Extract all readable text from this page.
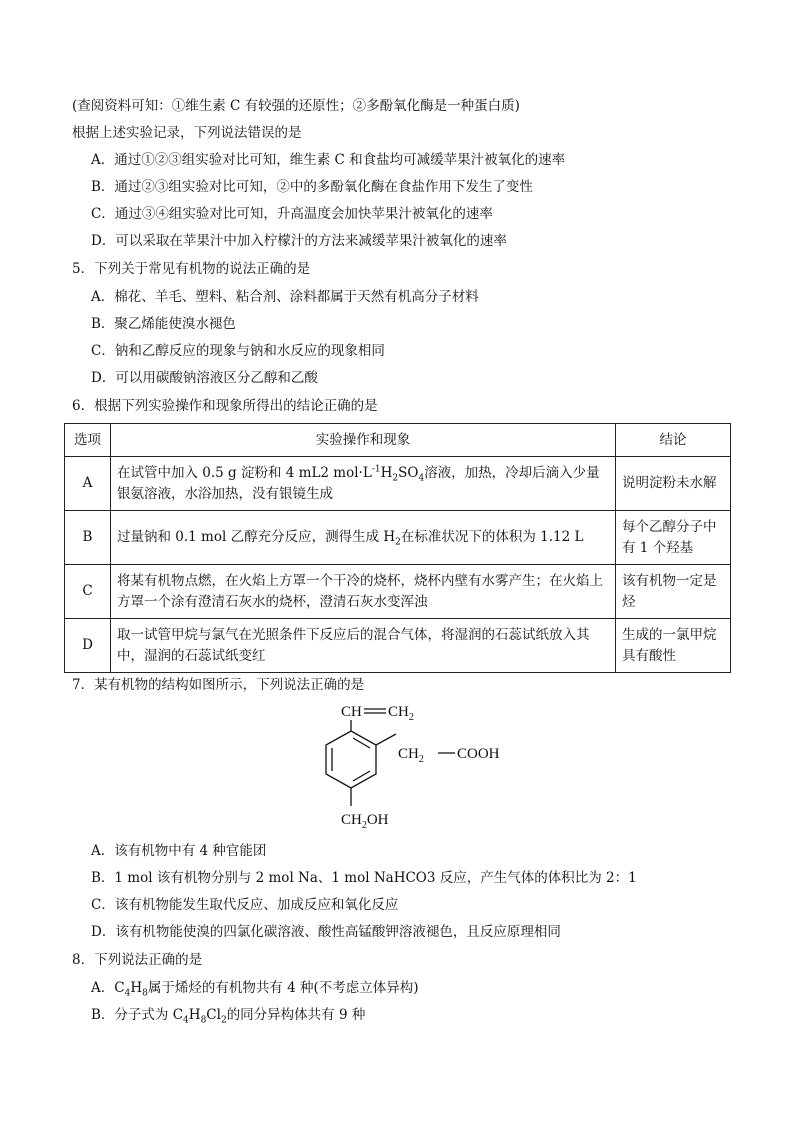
(查阅资料可知：①维生素 C 有较强的还原性；②多酚氧化酶是一种蛋白质)
根据上述实验记录，下列说法错误的是
A．通过①②③组实验对比可知，维生素 C 和食盐均可减缓苹果汁被氧化的速率
B．通过②③组实验对比可知，②中的多酚氧化酶在食盐作用下发生了变性
C．通过③④组实验对比可知，升高温度会加快苹果汁被氧化的速率
D．可以采取在苹果汁中加入柠檬汁的方法来减缓苹果汁被氧化的速率
5．下列关于常见有机物的说法正确的是
A．棉花、羊毛、塑料、粘合剂、涂料都属于天然有机高分子材料
B．聚乙烯能使溴水褪色
C．钠和乙醇反应的现象与钠和水反应的现象相同
D．可以用碳酸钠溶液区分乙醇和乙酸
6．根据下列实验操作和现象所得出的结论正确的是
选项	实验操作和现象	结论
A	在试管中加入 0.5 g 淀粉和 4 mL2 $mol\cdot L^{-1}H_2SO_4$溶液，加热，冷却后滴入少量银氨溶液，水浴加热，没有银镜生成	说明淀粉未水解
B	过量钠和 0.1 mol 乙醇充分反应，测得生成 $H_2$在标准状况下的体积为 1.12 L	每个乙醇分子中有 1 个羟基
C	将某有机物点燃，在火焰上方罩一个干冷的烧杯，烧杯内壁有水雾产生；在火焰上方罩一个涂有澄清石灰水的烧杯，澄清石灰水变浑浊	该有机物一定是烃
D	取一试管甲烷与氯气在光照条件下反应后的混合气体，将湿润的石蕊试纸放入其中，湿润的石蕊试纸变红	生成的一氯甲烷具有酸性
7．某有机物的结构如图所示，下列说法正确的是
CH $CH_2$
$CH_2$ COOH
$CH_2OH$
A．该有机物中有 4 种官能团
B．1 mol 该有机物分别与 2 mol Na、1 mol NaHCO3 反应，产生气体的体积比为 2：1
C．该有机物能发生取代反应、加成反应和氧化反应
D．该有机物能使溴的四氯化碳溶液、酸性高锰酸钾溶液褪色，且反应原理相同
8．下列说法正确的是
A．$C_4H_8$属于烯烃的有机物共有 4 种(不考虑立体异构)
B．分子式为 $C_4H_8Cl_2$的同分异构体共有 9 种
